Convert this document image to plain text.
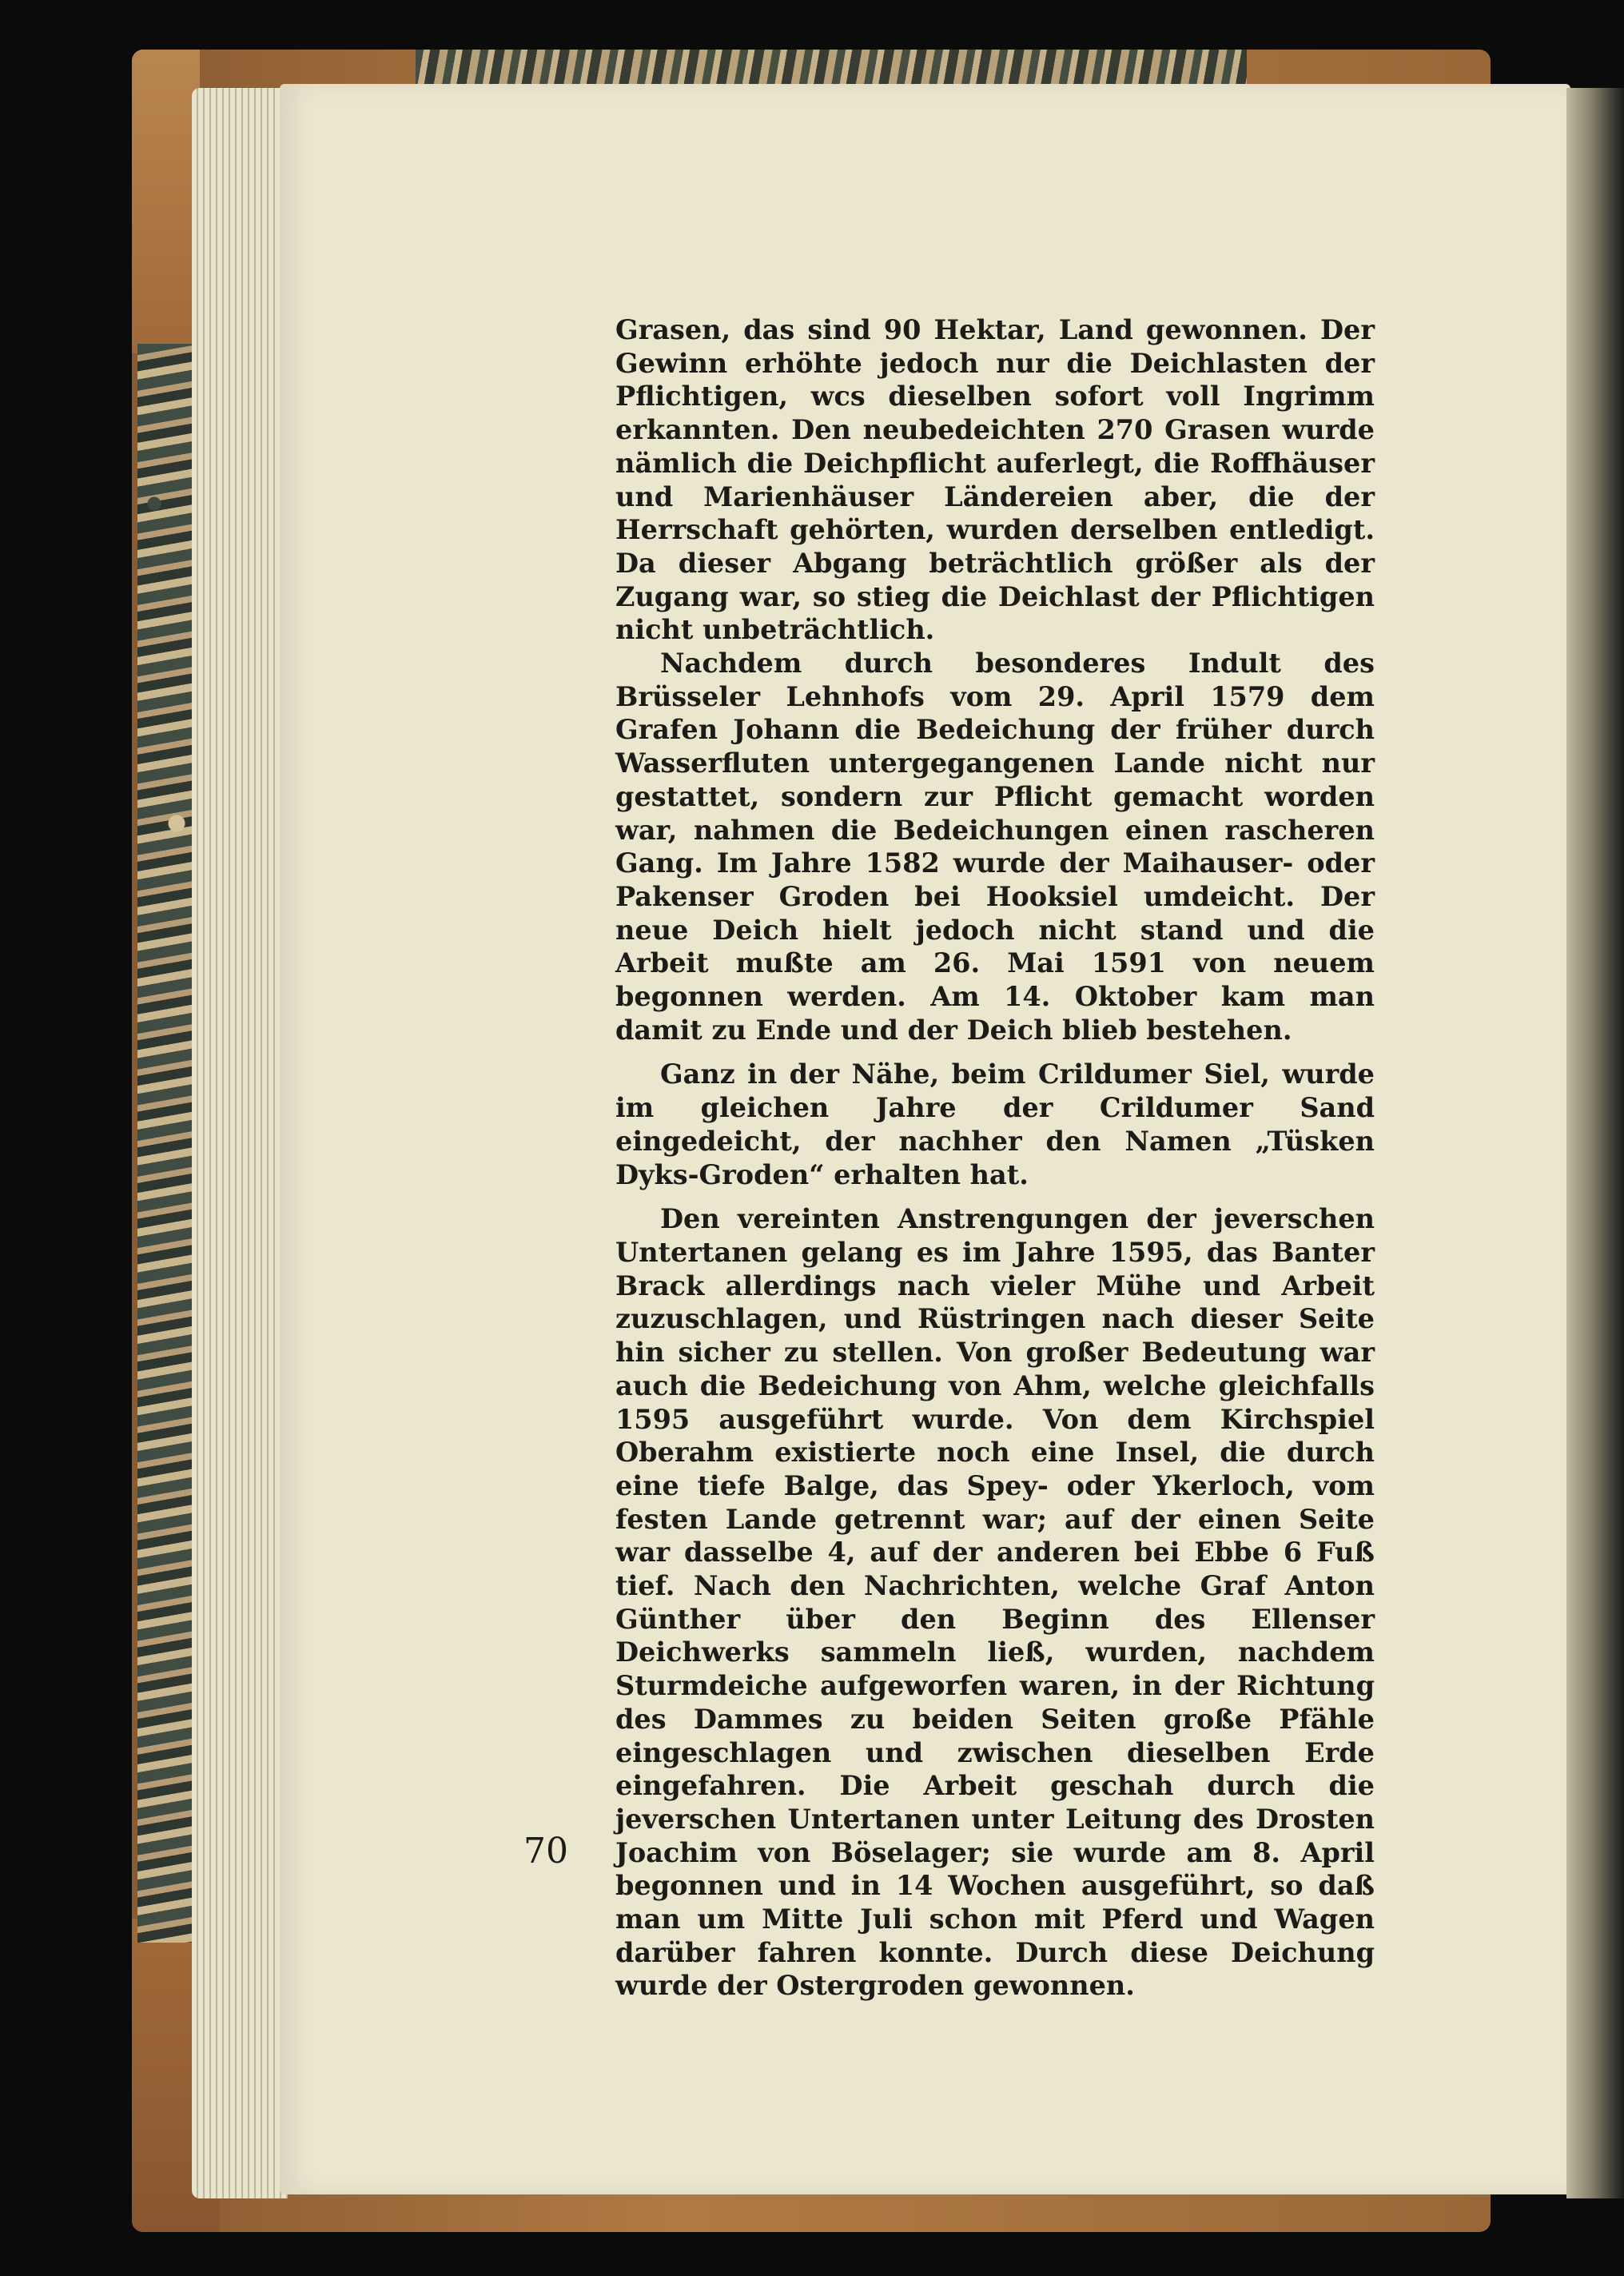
Grasen, das sind 90 Hektar, Land gewonnen. Der Gewinn erhöhte jedoch nur die Deichlasten der Pflichtigen, wcs dieselben sofort voll Ingrimm erkannten. Den neubedeichten 270 Grasen wurde nämlich die Deichpflicht auferlegt, die Roffhäuser und Marienhäuser Ländereien aber, die der Herrschaft gehörten, wurden derselben entledigt. Da dieser Abgang beträchtlich größer als der Zugang war, so stieg die Deichlast der Pflichtigen nicht unbeträchtlich.

Nachdem durch besonderes Indult des Brüsseler Lehnhofs vom 29. April 1579 dem Grafen Johann die Bedeichung der früher durch Wasserfluten untergegangenen Lande nicht nur gestattet, sondern zur Pflicht gemacht worden war, nahmen die Bedeichungen einen rascheren Gang. Im Jahre 1582 wurde der Maihauser- oder Pakenser Groden bei Hooksiel umdeicht. Der neue Deich hielt jedoch nicht stand und die Arbeit mußte am 26. Mai 1591 von neuem begonnen werden. Am 14. Oktober kam man damit zu Ende und der Deich blieb bestehen.

Ganz in der Nähe, beim Crildumer Siel, wurde im gleichen Jahre der Crildumer Sand eingedeicht, der nachher den Namen „Tüsken Dyks-Groden“ erhalten hat.

Den vereinten Anstrengungen der jeverschen Untertanen gelang es im Jahre 1595, das Banter Brack allerdings nach vieler Mühe und Arbeit zuzuschlagen, und Rüstringen nach dieser Seite hin sicher zu stellen. Von großer Bedeutung war auch die Bedeichung von Ahm, welche gleichfalls 1595 ausgeführt wurde. Von dem Kirchspiel Oberahm existierte noch eine Insel, die durch eine tiefe Balge, das Spey- oder Ykerloch, vom festen Lande getrennt war; auf der einen Seite war dasselbe 4, auf der anderen bei Ebbe 6 Fuß tief. Nach den Nachrichten, welche Graf Anton Günther über den Beginn des Ellenser Deichwerks sammeln ließ, wurden, nachdem Sturmdeiche aufgeworfen waren, in der Richtung des Dammes zu beiden Seiten große Pfähle eingeschlagen und zwischen dieselben Erde eingefahren. Die Arbeit geschah durch die jeverschen Untertanen unter Leitung des Drosten Joachim von Böselager; sie wurde am 8. April begonnen und in 14 Wochen ausgeführt, so daß man um Mitte Juli schon mit Pferd und Wagen darüber fahren konnte. Durch diese Deichung wurde der Ostergroden gewonnen.

70
